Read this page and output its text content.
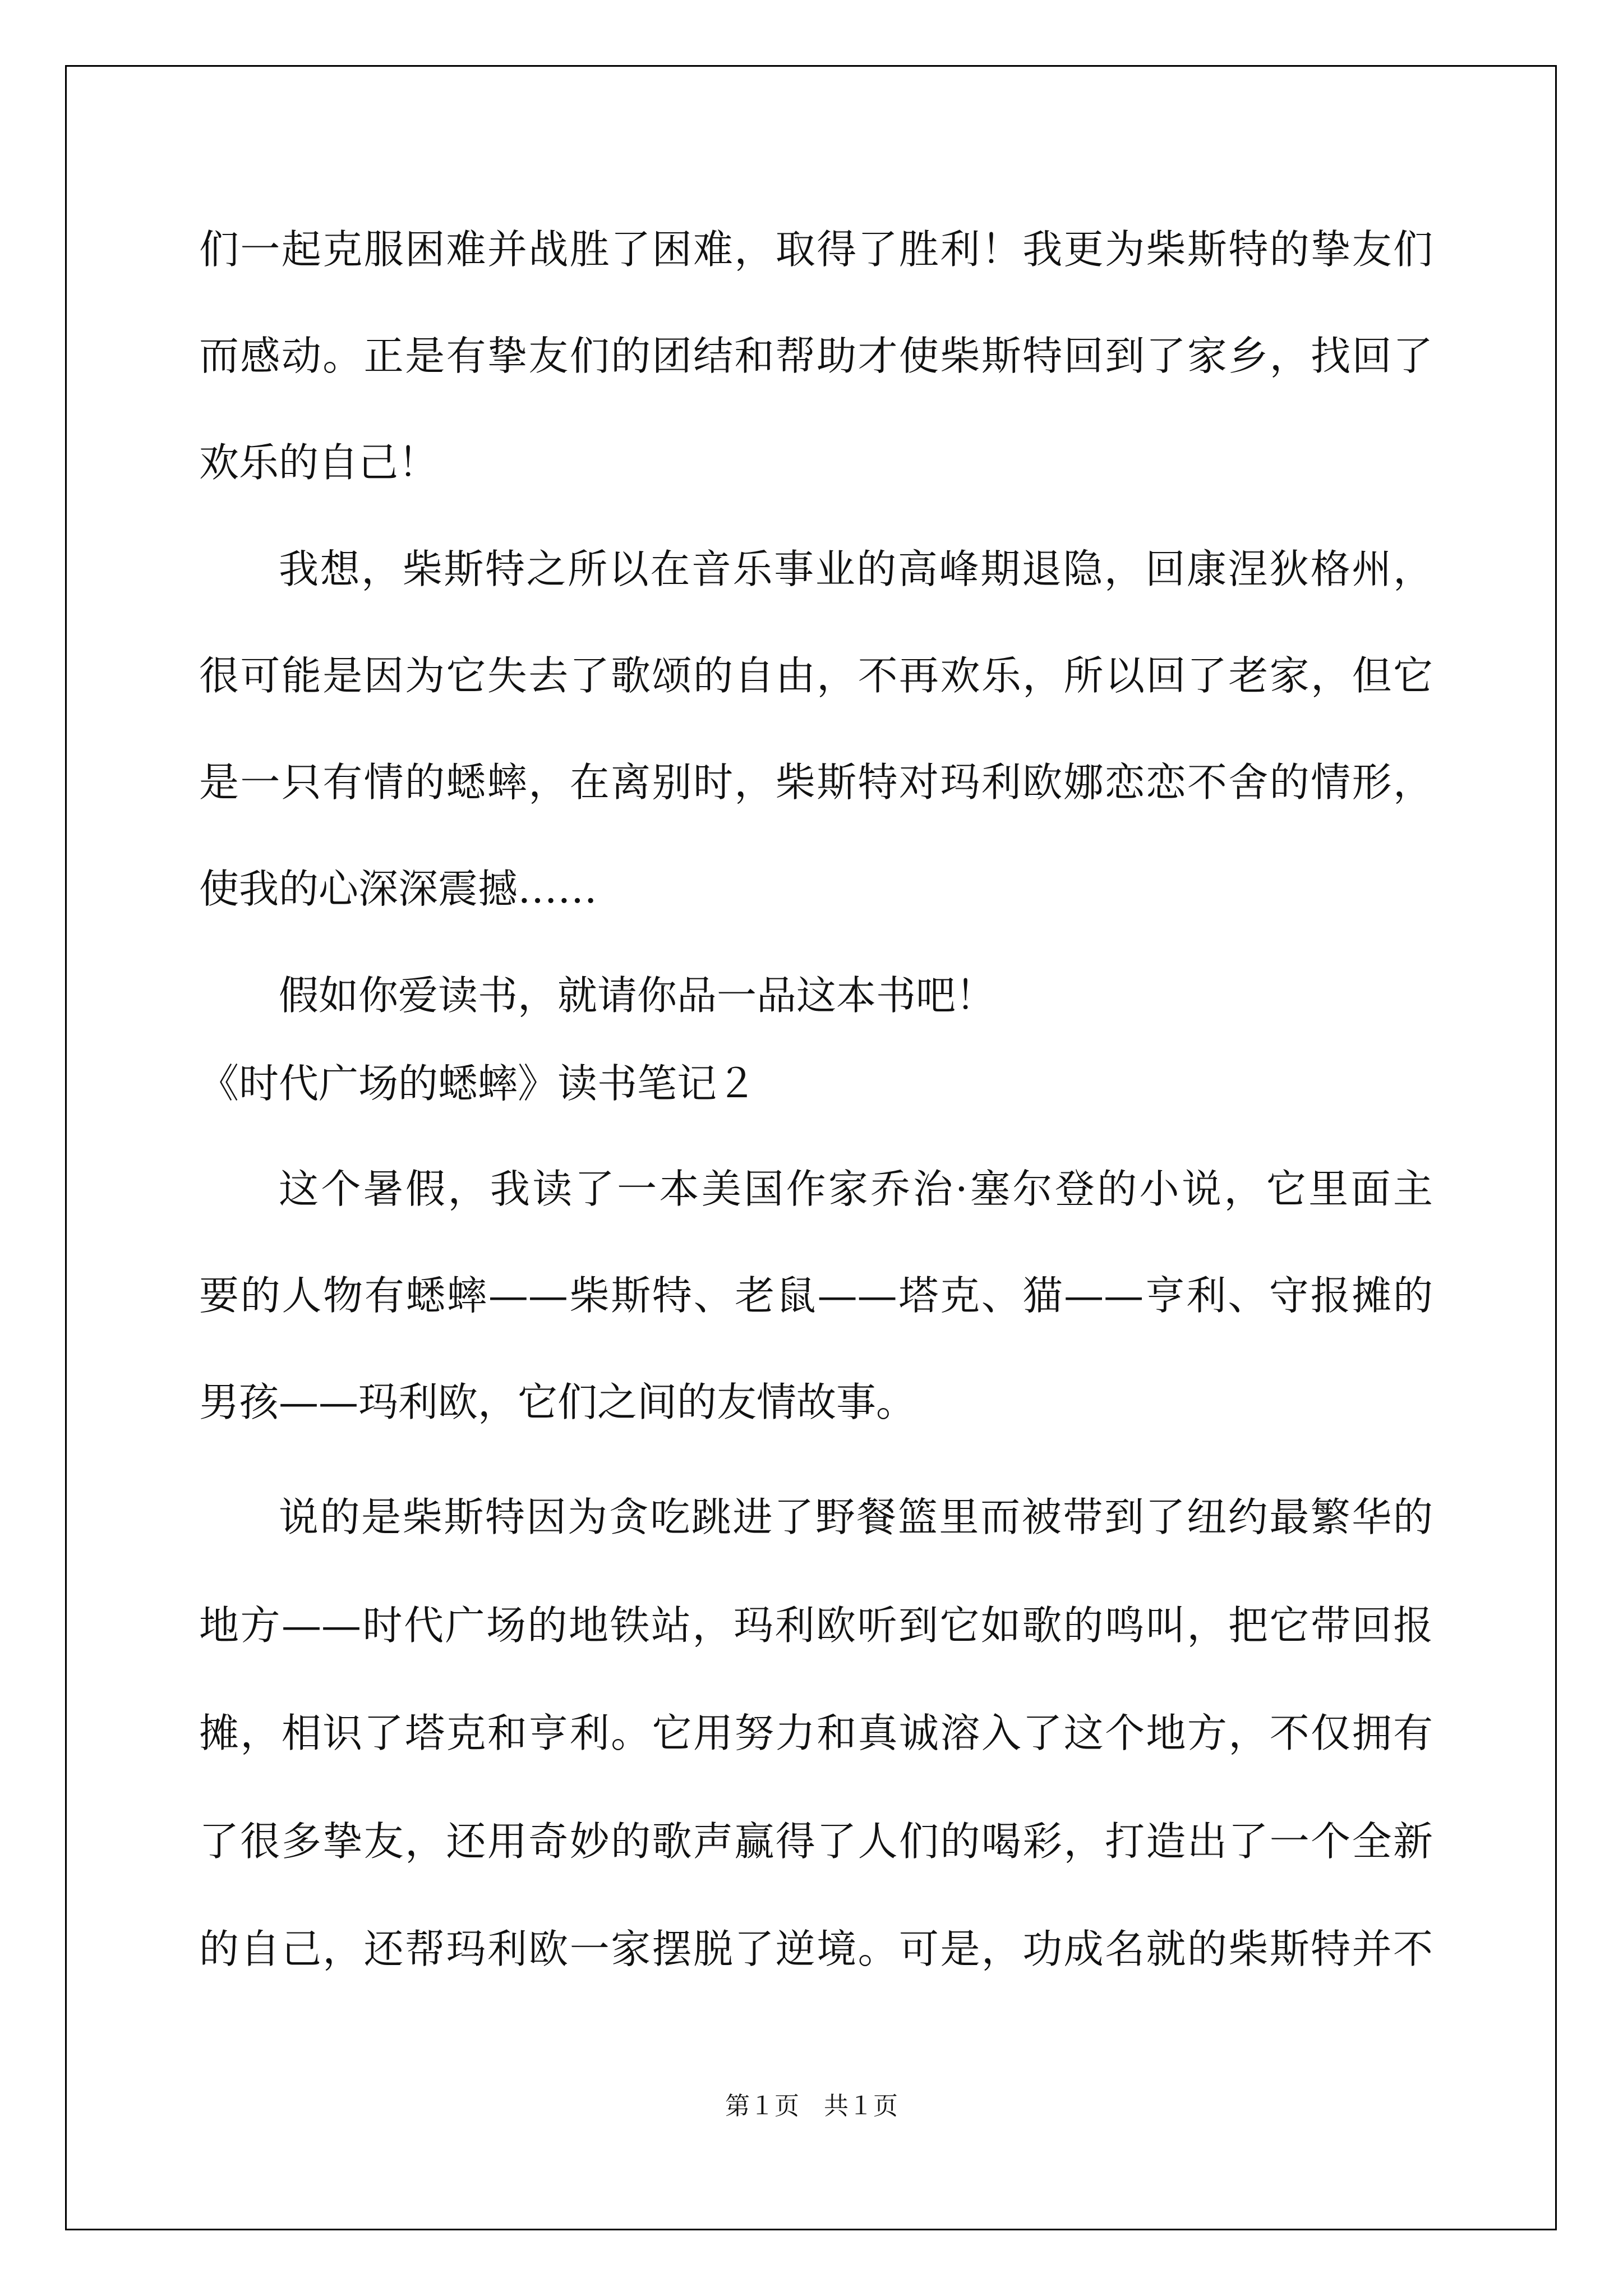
们一起克服困难并战胜了困难，取得了胜利！我更为柴斯特的挚友们
而感动。正是有挚友们的团结和帮助才使柴斯特回到了家乡，找回了
欢乐的自己！
我想，柴斯特之所以在音乐事业的高峰期退隐，回康涅狄格州，
很可能是因为它失去了歌颂的自由，不再欢乐，所以回了老家，但它
是一只有情的蟋蟀，在离别时，柴斯特对玛利欧娜恋恋不舍的情形，
使我的心深深震撼……
假如你爱读书，就请你品一品这本书吧！
《时代广场的蟋蟀》读书笔记２
这个暑假，我读了一本美国作家乔治·塞尔登的小说，它里面主
要的人物有蟋蟀——柴斯特、老鼠——塔克、猫——亨利、守报摊的
男孩——玛利欧，它们之间的友情故事。
说的是柴斯特因为贪吃跳进了野餐篮里而被带到了纽约最繁华的
地方——时代广场的地铁站，玛利欧听到它如歌的鸣叫，把它带回报
摊，相识了塔克和亨利。它用努力和真诚溶入了这个地方，不仅拥有
了很多挚友，还用奇妙的歌声赢得了人们的喝彩，打造出了一个全新
的自己，还帮玛利欧一家摆脱了逆境。可是，功成名就的柴斯特并不
第１页　共１页
